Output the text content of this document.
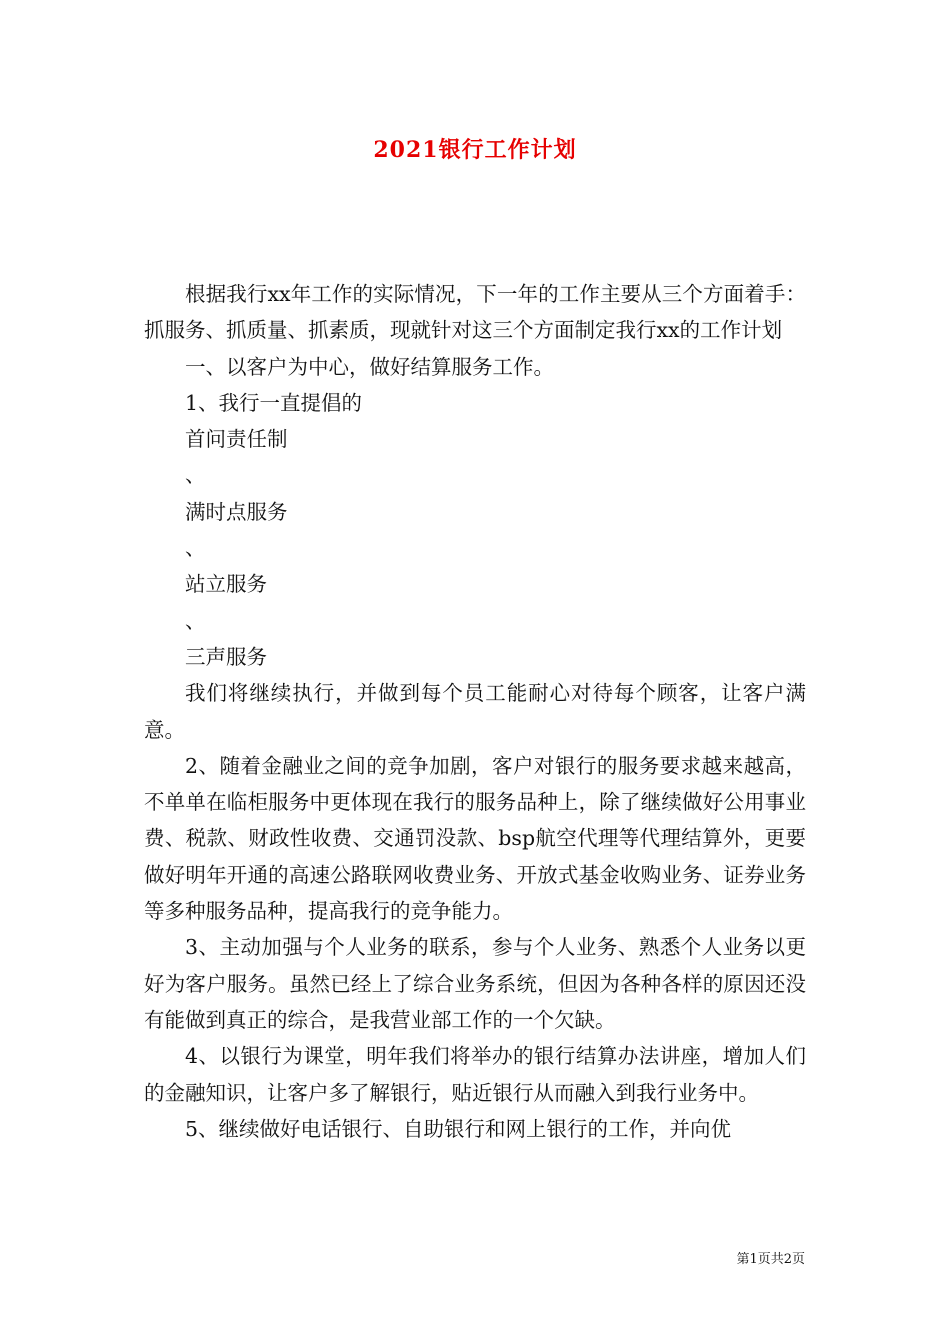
2021银行工作计划

根据我行xx年工作的实际情况，下一年的工作主要从三个方面着手：抓服务、抓质量、抓素质，现就针对这三个方面制定我行xx的工作计划

一、以客户为中心，做好结算服务工作。

1、我行一直提倡的

首问责任制

、

满时点服务

、

站立服务

、

三声服务

我们将继续执行，并做到每个员工能耐心对待每个顾客，让客户满意。

2、随着金融业之间的竞争加剧，客户对银行的服务要求越来越高，不单单在临柜服务中更体现在我行的服务品种上，除了继续做好公用事业费、税款、财政性收费、交通罚没款、bsp航空代理等代理结算外，更要做好明年开通的高速公路联网收费业务、开放式基金收购业务、证券业务等多种服务品种，提高我行的竞争能力。

3、主动加强与个人业务的联系，参与个人业务、熟悉个人业务以更好为客户服务。虽然已经上了综合业务系统，但因为各种各样的原因还没有能做到真正的综合，是我营业部工作的一个欠缺。

4、以银行为课堂，明年我们将举办的银行结算办法讲座，增加人们的金融知识，让客户多了解银行，贴近银行从而融入到我行业务中。

5、继续做好电话银行、自助银行和网上银行的工作，并向优

第1页共2页
